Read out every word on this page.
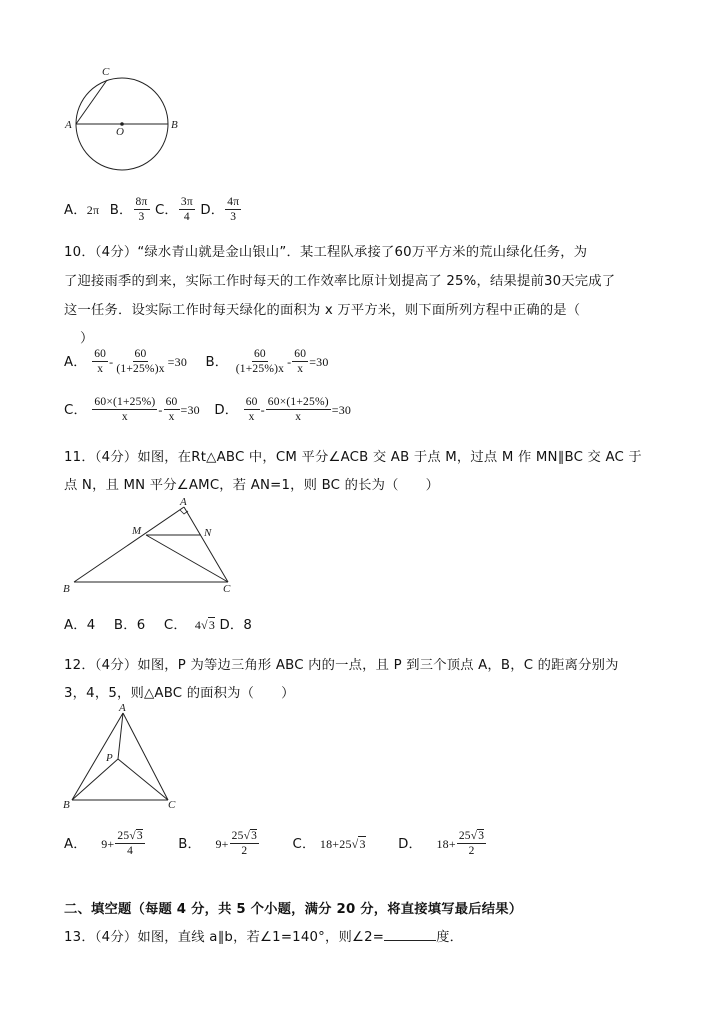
C
A
O
B
A．2π B． $\frac{8\pi}{3}$ C． $\frac{3\pi}{4}$ D． $\frac{4\pi}{3}$
10．（4分）“绿水青山就是金山银山”．某工程队承接了60万平方米的荒山绿化任务，为
了迎接雨季的到来，实际工作时每天的工作效率比原计划提高了 25%，结果提前30天完成了
这一任务．设实际工作时每天绿化的面积为 x 万平方米，则下面所列方程中正确的是（
）
A． $\frac{60}{x} - \frac{60}{(1+25\%)x} =30$ B． $\frac{60}{(1+25\%)x} - \frac{60}{x} =30$
C． $\frac{60\times(1+25\%)}{x} - \frac{60}{x} =30$ D． $\frac{60}{x} - \frac{60\times(1+25\%)}{x} =30$
11．（4分）如图，在Rt△ABC 中，CM 平分∠ACB 交 AB 于点 M，过点 M 作 MN∥BC 交 AC 于
点 N，且 MN 平分∠AMC，若 AN=1，则 BC 的长为（　　）
A
M	N
B	C
A．4 B．6 C． 4√3 D．8
12．（4分）如图，P 为等边三角形 ABC 内的一点，且 P 到三个顶点 A，B，C 的距离分别为
3，4，5，则△ABC 的面积为（　　）
A
P
B	C
A． $9+ \frac{25√3}{4}$	B． $9+ \frac{25√3}{2}$	C． 18+25√3 D． $18+ \frac{25√3}{2}$
二、填空题（每题 4 分，共 5 个小题，满分 20 分，将直接填写最后结果）
13．（4分）如图，直线 a∥b，若∠1=140°，则∠2=	度．
